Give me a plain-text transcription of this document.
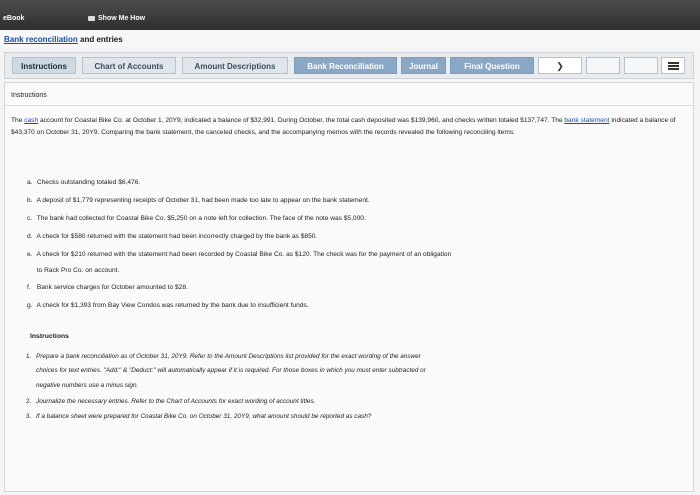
eBook	Show Me How
Bank reconciliation and entries
Instructions	Chart of Accounts	Amount Descriptions	Bank Reconciliation	Journal	Final Question	❯
Instructions
The cash account for Coastal Bike Co. at October 1, 20Y9, indicated a balance of $32,991. During October, the total cash deposited was $139,960, and checks written totaled $137,747. The bank statement indicated a balance of $43,370 on October 31, 20Y9. Comparing the bank statement, the canceled checks, and the accompanying memos with the records revealed the following reconciling items:
a. Checks outstanding totaled $6,476.
b. A deposit of $1,779 representing receipts of October 31, had been made too late to appear on the bank statement.
c. The bank had collected for Coastal Bike Co. $5,250 on a note left for collection. The face of the note was $5,000.
d. A check for $580 returned with the statement had been incorrectly charged by the bank as $850.
e. A check for $210 returned with the statement had been recorded by Coastal Bike Co. as $120. The check was for the payment of an obligation
to Rack Pro Co. on account.
f. Bank service charges for October amounted to $28.
g. A check for $1,393 from Bay View Condos was returned by the bank due to insufficient funds.
Instructions
1. Prepare a bank reconciliation as of October 31, 20Y9. Refer to the Amount Descriptions list provided for the exact wording of the answer
choices for text entries. "Add:" & "Deduct:" will automatically appear if it is required. For those boxes in which you must enter subtracted or
negative numbers use a minus sign.
2. Journalize the necessary entries. Refer to the Chart of Accounts for exact wording of account titles.
3. If a balance sheet were prepared for Coastal Bike Co. on October 31, 20Y9, what amount should be reported as cash?
